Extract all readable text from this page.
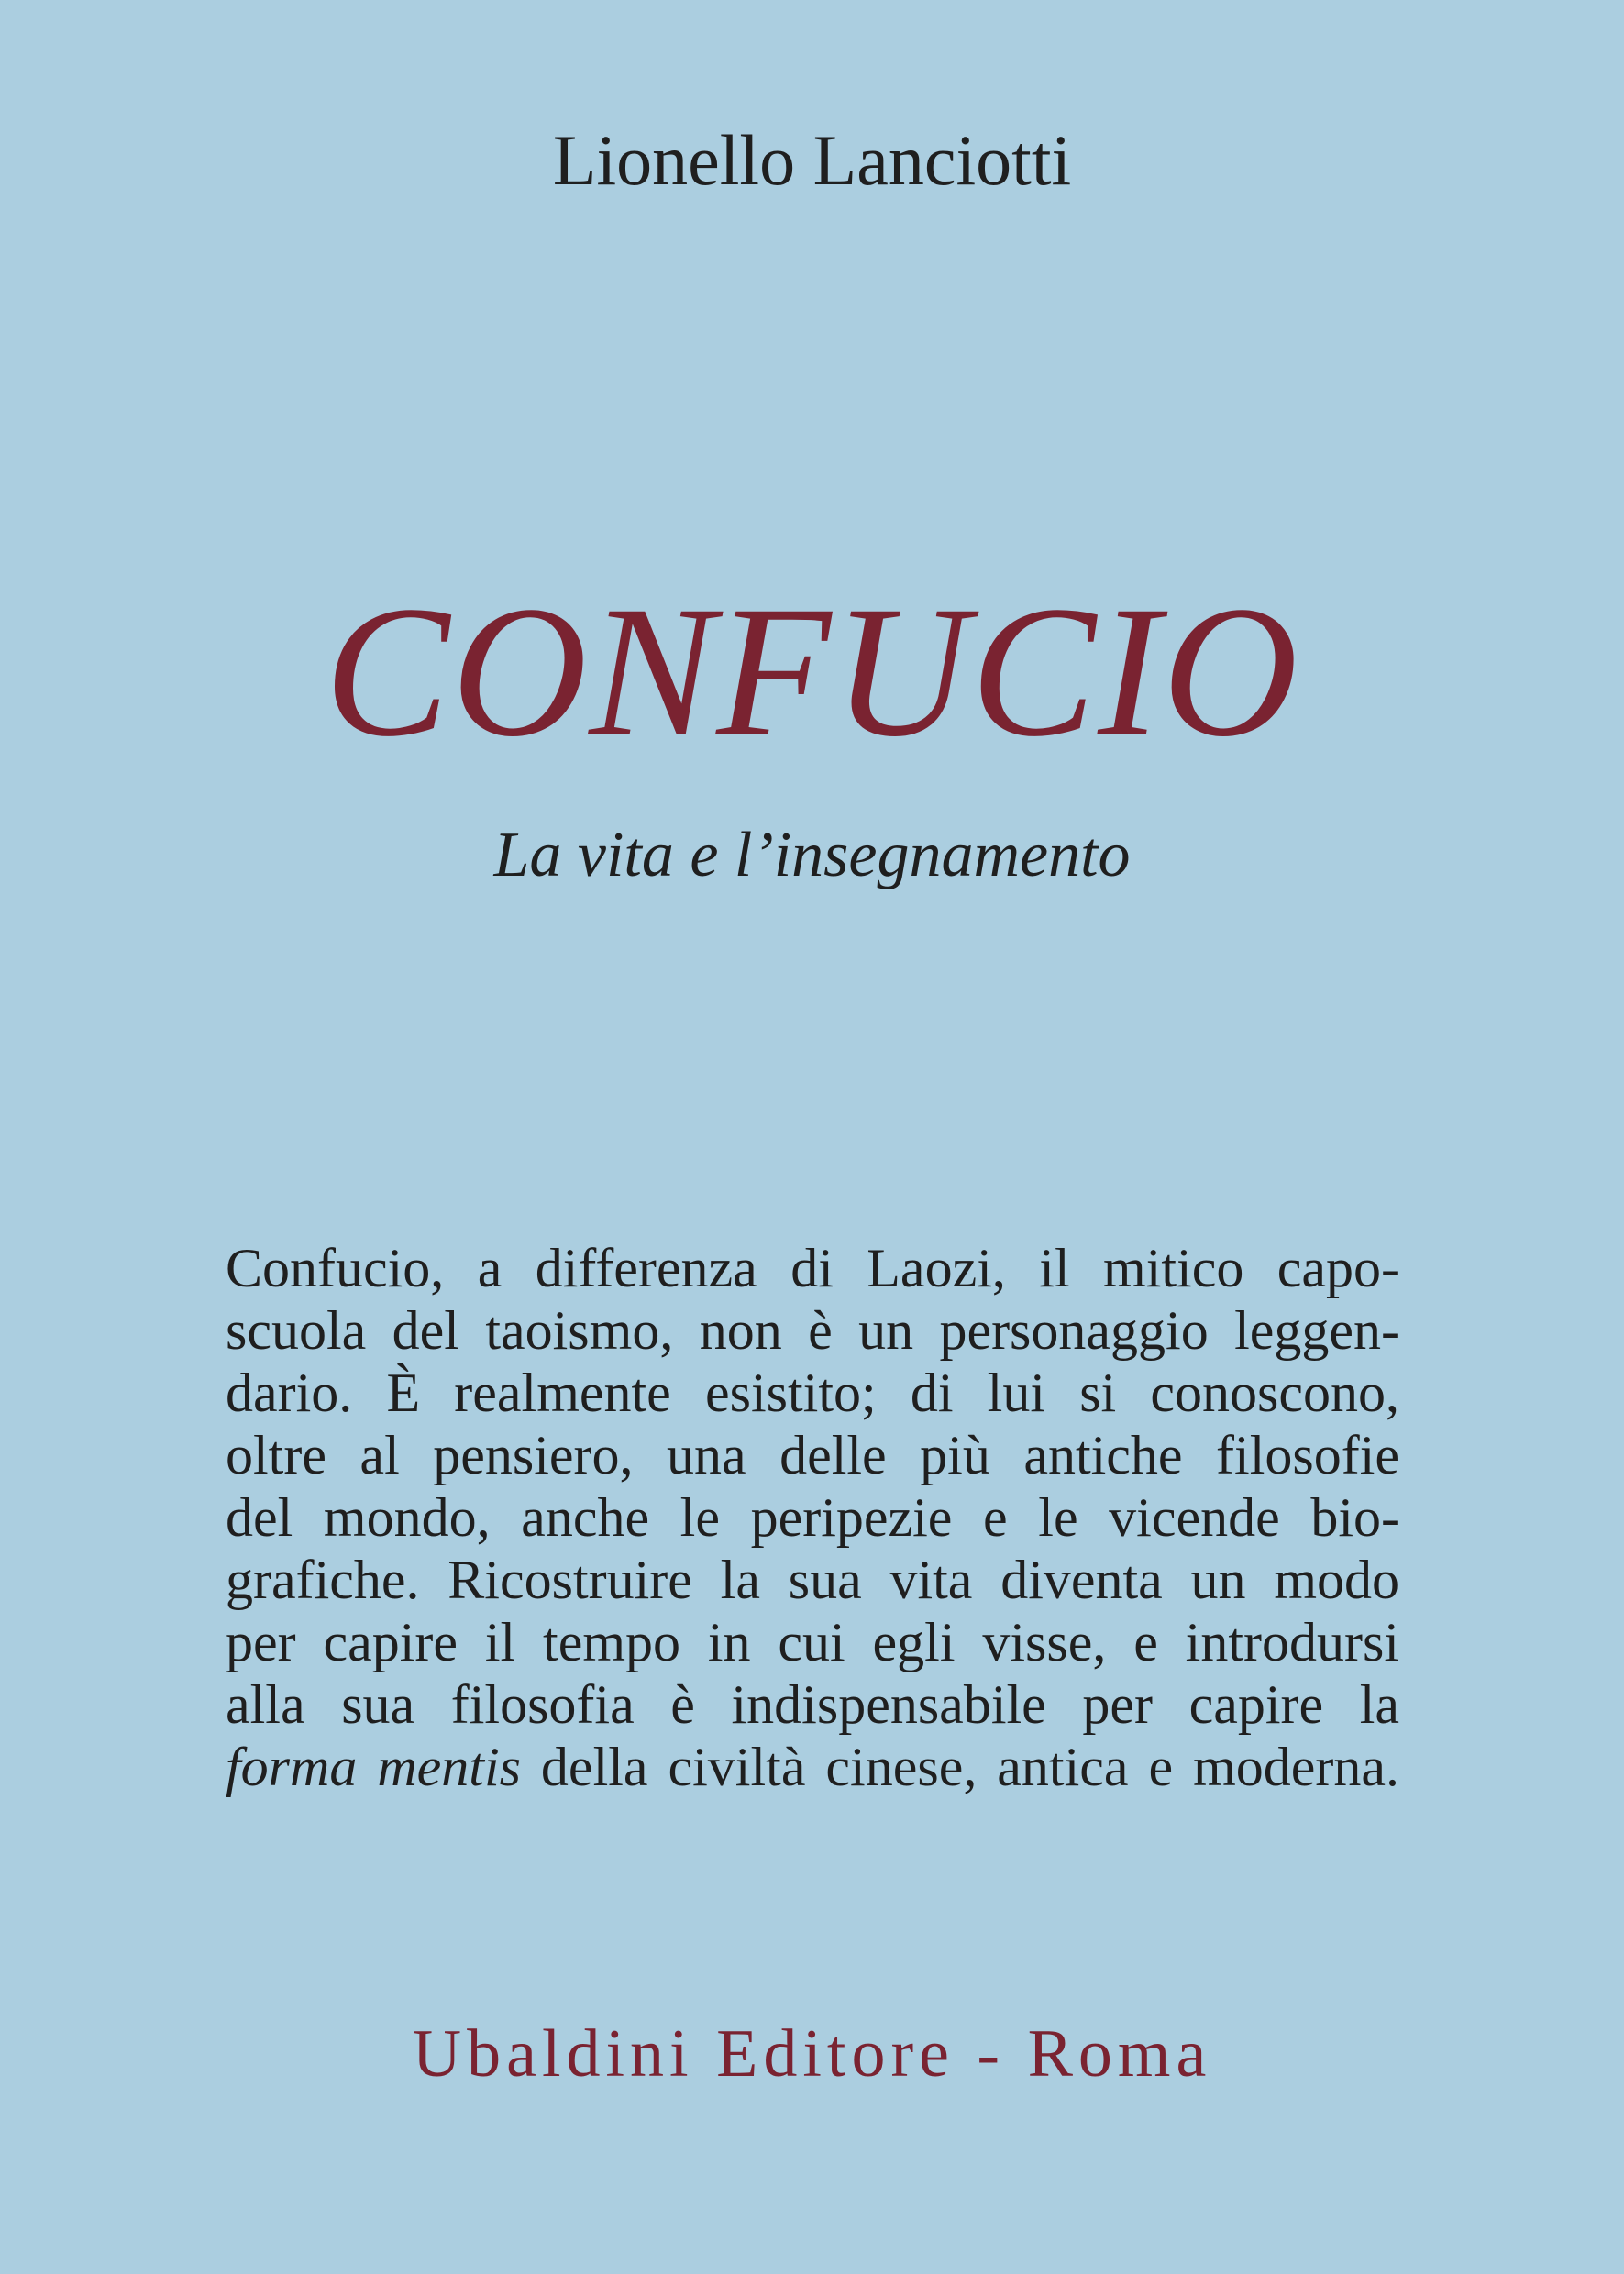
Lionello Lanciotti
CONFUCIO
La vita e l’insegnamento
Confucio, a differenza di Laozi, il mitico capo-
scuola del taoismo, non è un personaggio leggen-
dario. È realmente esistito; di lui si conoscono,
oltre al pensiero, una delle più antiche filosofie
del mondo, anche le peripezie e le vicende bio-
grafiche. Ricostruire la sua vita diventa un modo
per capire il tempo in cui egli visse, e introdursi
alla sua filosofia è indispensabile per capire la
forma mentis della civiltà cinese, antica e moderna.
Ubaldini Editore - Roma
